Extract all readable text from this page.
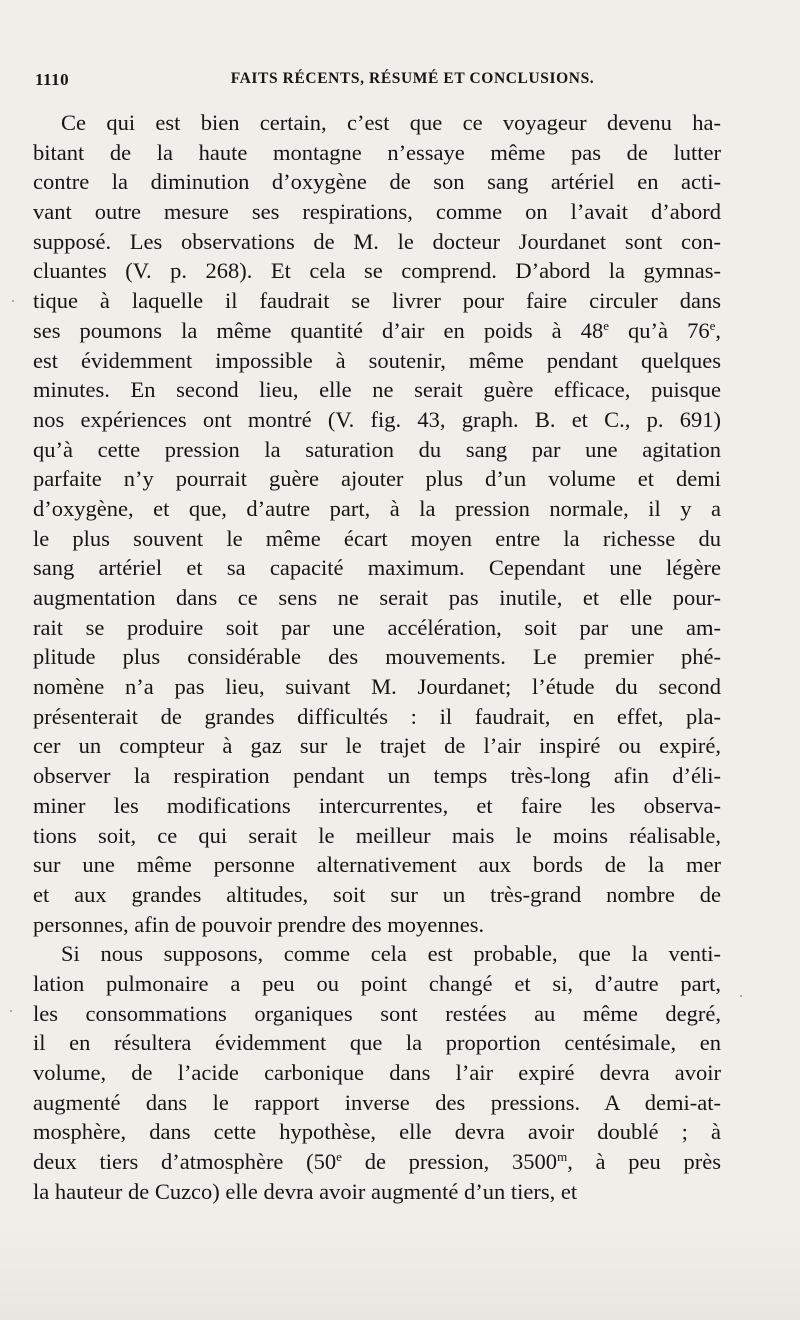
1110	FAITS RÉCENTS, RÉSUMÉ ET CONCLUSIONS.
Ce qui est bien certain, c’est que ce voyageur devenu ha-
bitant de la haute montagne n’essaye même pas de lutter
contre la diminution d’oxygène de son sang artériel en acti-
vant outre mesure ses respirations, comme on l’avait d’abord
supposé. Les observations de M. le docteur Jourdanet sont con-
cluantes (V. p. 268). Et cela se comprend. D’abord la gymnas-
tique à laquelle il faudrait se livrer pour faire circuler dans
ses poumons la même quantité d’air en poids à 48e qu’à 76e,
est évidemment impossible à soutenir, même pendant quelques
minutes. En second lieu, elle ne serait guère efficace, puisque
nos expériences ont montré (V. fig. 43, graph. B. et C., p. 691)
qu’à cette pression la saturation du sang par une agitation
parfaite n’y pourrait guère ajouter plus d’un volume et demi
d’oxygène, et que, d’autre part, à la pression normale, il y a
le plus souvent le même écart moyen entre la richesse du
sang artériel et sa capacité maximum. Cependant une légère
augmentation dans ce sens ne serait pas inutile, et elle pour-
rait se produire soit par une accélération, soit par une am-
plitude plus considérable des mouvements. Le premier phé-
nomène n’a pas lieu, suivant M. Jourdanet; l’étude du second
présenterait de grandes difficultés : il faudrait, en effet, pla-
cer un compteur à gaz sur le trajet de l’air inspiré ou expiré,
observer la respiration pendant un temps très-long afin d’éli-
miner les modifications intercurrentes, et faire les observa-
tions soit, ce qui serait le meilleur mais le moins réalisable,
sur une même personne alternativement aux bords de la mer
et aux grandes altitudes, soit sur un très-grand nombre de
personnes, afin de pouvoir prendre des moyennes.
Si nous supposons, comme cela est probable, que la venti-
lation pulmonaire a peu ou point changé et si, d’autre part,
les consommations organiques sont restées au même degré,
il en résultera évidemment que la proportion centésimale, en
volume, de l’acide carbonique dans l’air expiré devra avoir
augmenté dans le rapport inverse des pressions. A demi-at-
mosphère, dans cette hypothèse, elle devra avoir doublé ; à
deux tiers d’atmosphère (50e de pression, 3500$^m$, à peu près
la hauteur de Cuzco) elle devra avoir augmenté d’un tiers, et
